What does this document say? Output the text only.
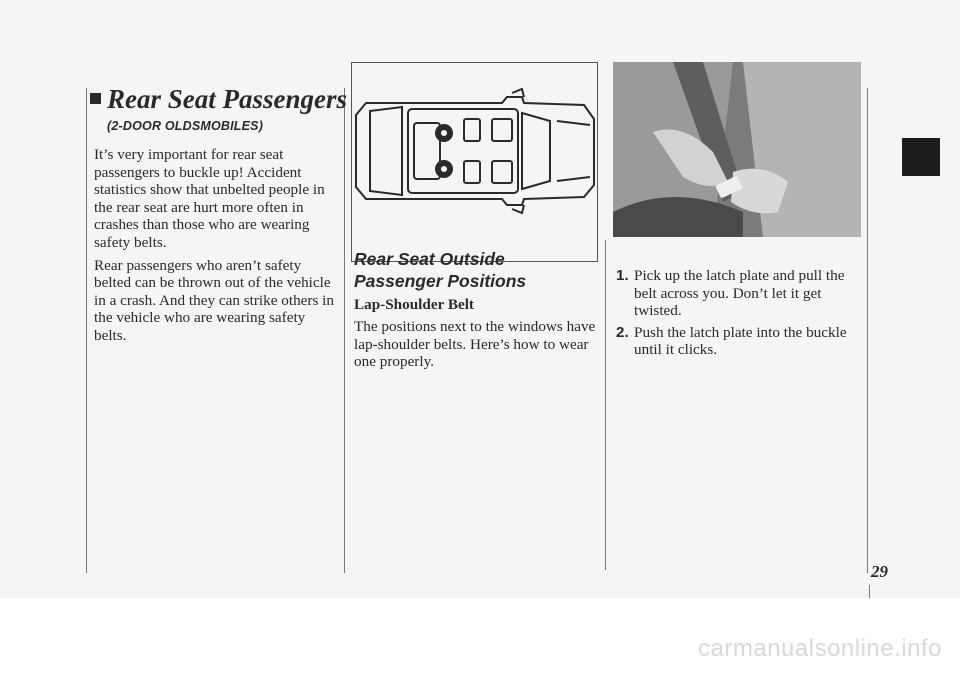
Rear Seat Passengers
(2-DOOR OLDSMOBILES)

It’s very important for rear seat passengers to buckle up! Accident statistics show that unbelted people in the rear seat are hurt more often in crashes than those who are wearing safety belts.

Rear passengers who aren’t safety belted can be thrown out of the vehicle in a crash. And they can strike others in the vehicle who are wearing safety belts.

Rear Seat Outside Passenger Positions
Lap-Shoulder Belt

The positions next to the windows have lap-shoulder belts. Here’s how to wear one properly.

1. Pick up the latch plate and pull the belt across you. Don’t let it get twisted.
2. Push the latch plate into the buckle until it clicks.
29
carmanualsonline.info
